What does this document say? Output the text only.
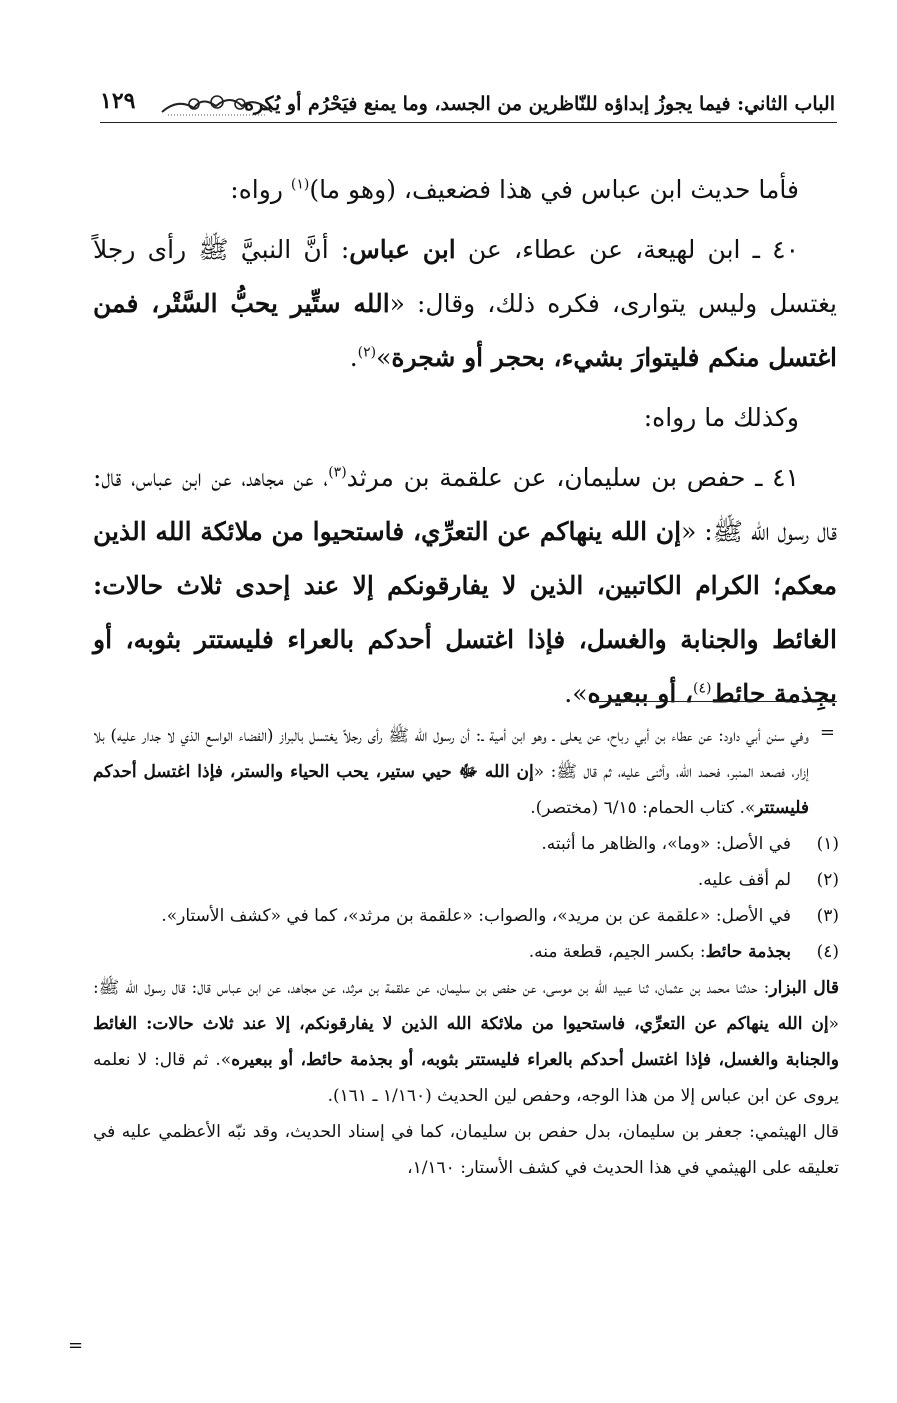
الباب الثاني: فيما يجوزُ إبداؤه للنّاظرين من الجسد، وما يمنع فيَحْرُم أو يُكره
١٢٩

فأما حديث ابن عباس في هذا فضعيف، (وهو ما)$^{(١)}$ رواه:

٤٠ ـ ابن لهيعة، عن عطاء، عن ابن عباس: أنَّ النبيَّ ﷺ رأى رجلاً يغتسل وليس يتوارى، فكره ذلك، وقال: «الله ستِّير يحبُّ السَّتْر، فمن اغتسل منكم فليتوارَ بشيء، بحجر أو شجرة»$^{(٢)}$.

وكذلك ما رواه:

٤١ ـ حفص بن سليمان، عن علقمة بن مرثد$^{(٣)}$، عن مجاهد، عن ابن عباس، قال: قال رسول الله ﷺ: «إن الله ينهاكم عن التعرِّي، فاستحيوا من ملائكة الله الذين معكم؛ الكرام الكاتبين، الذين لا يفارقونكم إلا عند إحدى ثلاث حالات: الغائط والجنابة والغسل، فإذا اغتسل أحدكم بالعراء فليستتر بثوبه، أو بجِذمة حائط$^{(٤)}$، أو ببعيره».

=

وفي سنن أبي داود: عن عطاء بن أبي رباح، عن يعلى ـ وهو ابن أمية ـ: أن رسول الله ﷺ رأى رجلاً يغتسل بالبراز (الفضاء الواسع الذي لا جدار عليه) بلا إزار، فصعد المنبر، فحمد الله، وأثنى عليه، ثم قال ﷺ: «إن الله ﷻ حيي ستير، يحب الحياء والستر، فإذا اغتسل أحدكم فليستتر». كتاب الحمام: ٦/١٥ (مختصر).

(١)
في الأصل: «وما»، والظاهر ما أثبته.
(٢)
لم أقف عليه.
(٣)
في الأصل: «علقمة عن بن مريد»، والصواب: «علقمة بن مرثد»، كما في «كشف الأستار».
(٤)
بجذمة حائط: بكسر الجيم، قطعة منه.

قال البزار: حدثنا محمد بن عثمان، ثنا عبيد الله بن موسى، عن حفص بن سليمان، عن علقمة بن مرثد، عن مجاهد، عن ابن عباس قال: قال رسول الله ﷺ: «إن الله ينهاكم عن التعرِّي، فاستحيوا من ملائكة الله الذين لا يفارقونكم، إلا عند ثلاث حالات: الغائط والجنابة والغسل، فإذا اغتسل أحدكم بالعراء فليستتر بثوبه، أو بجذمة حائط، أو ببعيره». ثم قال: لا نعلمه يروى عن ابن عباس إلا من هذا الوجه، وحفص لين الحديث (١/١٦٠ ـ ١٦١).

قال الهيثمي: جعفر بن سليمان، بدل حفص بن سليمان، كما في إسناد الحديث، وقد نبّه الأعظمي عليه في تعليقه على الهيثمي في هذا الحديث في كشف الأستار: ١/١٦٠،

=
